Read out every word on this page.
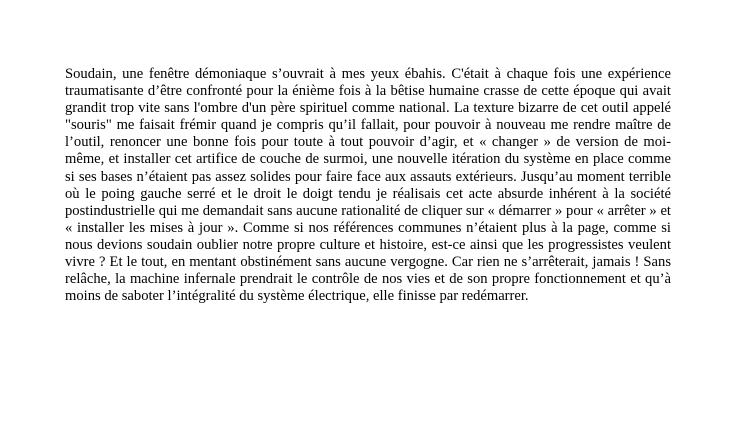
Soudain, une fenêtre démoniaque s’ouvrait à mes yeux ébahis. C'était à chaque fois une expérience traumatisante d’être confronté pour la énième fois à la bêtise humaine crasse de cette époque qui avait grandit trop vite sans l'ombre d'un père spirituel comme national. La texture bizarre de cet outil appelé "souris" me faisait frémir quand je compris qu’il fallait, pour pouvoir à nouveau me rendre maître de l’outil, renoncer une bonne fois pour toute à tout pouvoir d’agir, et « changer » de version de moi-même, et installer cet artifice de couche de surmoi, une nouvelle itération du système en place comme si ses bases n’étaient pas assez solides pour faire face aux assauts extérieurs. Jusqu’au moment terrible où le poing gauche serré et le droit le doigt tendu je réalisais cet acte absurde inhérent à la société postindustrielle qui me demandait sans aucune rationalité de cliquer sur « démarrer » pour « arrêter » et « installer les mises à jour ». Comme si nos références communes n’étaient plus à la page, comme si nous devions soudain oublier notre propre culture et histoire, est-ce ainsi que les progressistes veulent vivre ? Et le tout, en mentant obstinément sans aucune vergogne. Car rien ne s’arrêterait, jamais ! Sans relâche, la machine infernale prendrait le contrôle de nos vies et de son propre fonctionnement et qu’à moins de saboter l’intégralité du système électrique, elle finisse par redémarrer.
